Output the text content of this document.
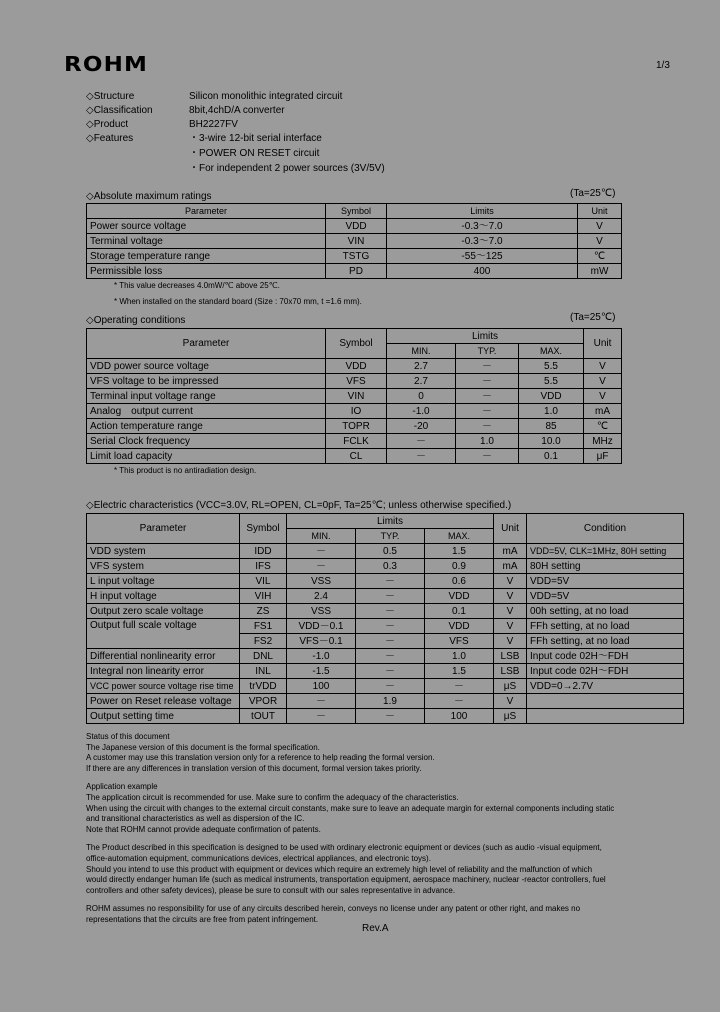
ROHM	1/3
◇Structure	Silicon monolithic integrated circuit
◇Classification	8bit,4chD/A converter
◇Product	BH2227FV
◇Features	・3-wire 12-bit serial interface
・POWER ON RESET circuit
・For independent 2 power sources (3V/5V)
◇Absolute maximum ratings	(Ta=25℃)
Parameter	Symbol	Limits	Unit
Power source voltage	VDD	-0.3～7.0	V
Terminal voltage	VIN	-0.3～7.0	V
Storage temperature range	TSTG	-55～125	℃
Permissible loss	PD	400	mW
* This value decreases 4.0mW/℃ above 25℃.
* When installed on the standard board (Size : 70x70 mm, t =1.6 mm).
◇Operating conditions	(Ta=25℃)
Parameter	Symbol	Limits			Unit
		MIN.	TYP.	MAX.	
VDD power source voltage	VDD	2.7	－	5.5	V
VFS voltage to be impressed	VFS	2.7	－	5.5	V
Terminal input voltage range	VIN	0	－	VDD	V
Analog　output current	IO	-1.0	－	1.0	mA
Action temperature range	TOPR	-20	－	85	℃
Serial Clock frequency	FCLK	－	1.0	10.0	MHz
Limit load capacity	CL	－	－	0.1	μF
* This product is no antiradiation design.
◇Electric characteristics (VCC=3.0V, RL=OPEN, CL=0pF, Ta=25℃; unless otherwise specified.)
Parameter	Symbol	Limits			Unit	Condition
		MIN.	TYP.	MAX.		
VDD system	IDD	－	0.5	1.5	mA	VDD=5V, CLK=1MHz, 80H setting
VFS system	IFS	－	0.3	0.9	mA	80H setting
L input voltage	VIL	VSS	－	0.6	V	VDD=5V
H input voltage	VIH	2.4	－	VDD	V	VDD=5V
Output zero scale voltage	ZS	VSS	－	0.1	V	00h setting, at no load
Output full scale voltage	FS1	VDD－0.1	－	VDD	V	FFh setting, at no load
	FS2	VFS－0.1	－	VFS	V	FFh setting, at no load
Differential nonlinearity error	DNL	-1.0	－	1.0	LSB	Input code 02H～FDH
Integral non linearity error	INL	-1.5	－	1.5	LSB	Input code 02H～FDH
VCC power source voltage rise time	trVDD	100	－	－	μS	VDD=0→2.7V
Power on Reset release voltage	VPOR	－	1.9	－	V	
Output setting time	tOUT	－	－	100	μS	
Status of this document
The Japanese version of this document is the formal specification.
A customer may use this translation version only for a reference to help reading the formal version.
If there are any differences in translation version of this document, formal version takes priority.
Application example
The application circuit is recommended for use. Make sure to confirm the adequacy of the characteristics.
When using the circuit with changes to the external circuit constants, make sure to leave an adequate margin for external components including static
and transitional characteristics as well as dispersion of the IC.
Note that ROHM cannot provide adequate confirmation of patents.
The Product described in this specification is designed to be used with ordinary electronic equipment or devices (such as audio -visual equipment,
office-automation equipment, communications devices, electrical appliances, and electronic toys).
Should you intend to use this product with equipment or devices which require an extremely high level of reliability and the malfunction of which
would directly endanger human life (such as medical instruments, transportation equipment, aerospace machinery, nuclear -reactor controllers, fuel
controllers and other safety devices), please be sure to consult with our sales representative in advance.
ROHM assumes no responsibility for use of any circuits described herein, conveys no license under any patent or other right, and makes no
representations that the circuits are free from patent infringement.
Rev.A
